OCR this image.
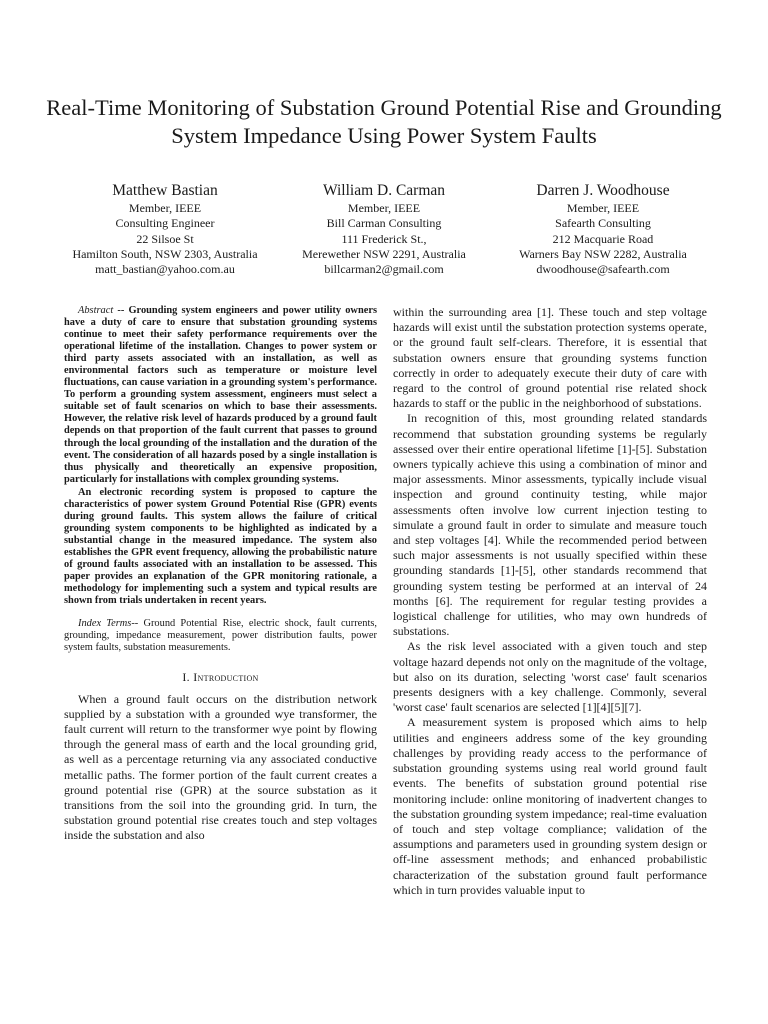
Real-Time Monitoring of Substation Ground Potential Rise and Grounding System Impedance Using Power System Faults
Matthew Bastian
Member, IEEE
Consulting Engineer
22 Silsoe St
Hamilton South, NSW 2303, Australia
matt_bastian@yahoo.com.au
William D. Carman
Member, IEEE
Bill Carman Consulting
111 Frederick St.,
Merewether NSW 2291, Australia
billcarman2@gmail.com
Darren J. Woodhouse
Member, IEEE
Safearth Consulting
212 Macquarie Road
Warners Bay NSW 2282, Australia
dwoodhouse@safearth.com

Abstract -- Grounding system engineers and power utility owners have a duty of care to ensure that substation grounding systems continue to meet their safety performance requirements over the operational lifetime of the installation. Changes to power system or third party assets associated with an installation, as well as environmental factors such as temperature or moisture level fluctuations, can cause variation in a grounding system's performance. To perform a grounding system assessment, engineers must select a suitable set of fault scenarios on which to base their assessments. However, the relative risk level of hazards produced by a ground fault depends on that proportion of the fault current that passes to ground through the local grounding of the installation and the duration of the event. The consideration of all hazards posed by a single installation is thus physically and theoretically an expensive proposition, particularly for installations with complex grounding systems.

An electronic recording system is proposed to capture the characteristics of power system Ground Potential Rise (GPR) events during ground faults. This system allows the failure of critical grounding system components to be highlighted as indicated by a substantial change in the measured impedance. The system also establishes the GPR event frequency, allowing the probabilistic nature of ground faults associated with an installation to be assessed. This paper provides an explanation of the GPR monitoring rationale, a methodology for implementing such a system and typical results are shown from trials undertaken in recent years.

Index Terms-- Ground Potential Rise, electric shock, fault currents, grounding, impedance measurement, power distribution faults, power system faults, substation measurements.

I. Introduction

When a ground fault occurs on the distribution network supplied by a substation with a grounded wye transformer, the fault current will return to the transformer wye point by flowing through the general mass of earth and the local grounding grid, as well as a percentage returning via any associated conductive metallic paths. The former portion of the fault current creates a ground potential rise (GPR) at the source substation as it transitions from the soil into the grounding grid. In turn, the substation ground potential rise creates touch and step voltages inside the substation and also

within the surrounding area [1]. These touch and step voltage hazards will exist until the substation protection systems operate, or the ground fault self-clears. Therefore, it is essential that substation owners ensure that grounding systems function correctly in order to adequately execute their duty of care with regard to the control of ground potential rise related shock hazards to staff or the public in the neighborhood of substations.

In recognition of this, most grounding related standards recommend that substation grounding systems be regularly assessed over their entire operational lifetime [1]-[5]. Substation owners typically achieve this using a combination of minor and major assessments. Minor assessments, typically include visual inspection and ground continuity testing, while major assessments often involve low current injection testing to simulate a ground fault in order to simulate and measure touch and step voltages [4]. While the recommended period between such major assessments is not usually specified within these grounding standards [1]-[5], other standards recommend that grounding system testing be performed at an interval of 24 months [6]. The requirement for regular testing provides a logistical challenge for utilities, who may own hundreds of substations.

As the risk level associated with a given touch and step voltage hazard depends not only on the magnitude of the voltage, but also on its duration, selecting 'worst case' fault scenarios presents designers with a key challenge. Commonly, several 'worst case' fault scenarios are selected [1][4][5][7].

A measurement system is proposed which aims to help utilities and engineers address some of the key grounding challenges by providing ready access to the performance of substation grounding systems using real world ground fault events. The benefits of substation ground potential rise monitoring include: online monitoring of inadvertent changes to the substation grounding system impedance; real-time evaluation of touch and step voltage compliance; validation of the assumptions and parameters used in grounding system design or off-line assessment methods; and enhanced probabilistic characterization of the substation ground fault performance which in turn provides valuable input to
